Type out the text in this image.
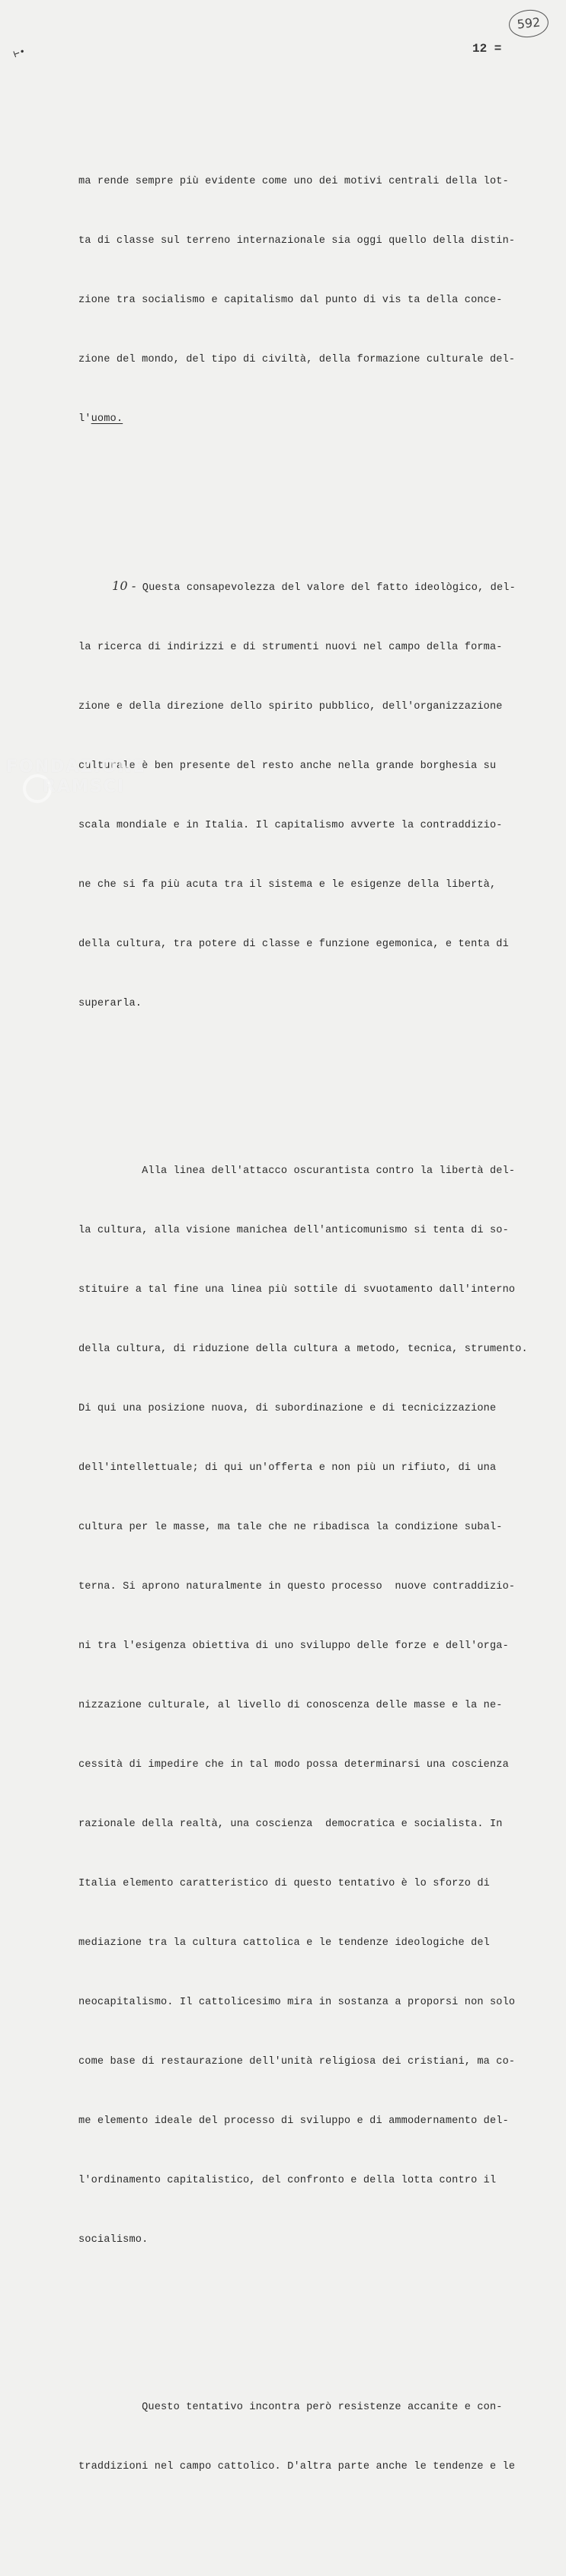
592
12 =
⊢•

ma rende sempre più evidente come uno dei motivi centrali della lot-

ta di classe sul terreno internazionale sia oggi quello della distin-

zione tra socialismo e capitalismo dal punto di vis ta della conce-

zione del mondo, del tipo di civiltà, della formazione culturale del-

l'uomo.

10 - Questa consapevolezza del valore del fatto ideològico, del-

la ricerca di indirizzi e di strumenti nuovi nel campo della forma-

zione e della direzione dello spirito pubblico, dell'organizzazione

culturale è ben presente del resto anche nella grande borghesia su

scala mondiale e in Italia. Il capitalismo avverte la contraddizio-

ne che si fa più acuta tra il sistema e le esigenze della libertà,

della cultura, tra potere di classe e funzione egemonica, e tenta di

superarla.

Alla linea dell'attacco oscurantista contro la libertà del-

la cultura, alla visione manichea dell'anticomunismo si tenta di so-

stituire a tal fine una linea più sottile di svuotamento dall'interno

della cultura, di riduzione della cultura a metodo, tecnica, strumento.

Di qui una posizione nuova, di subordinazione e di tecnicizzazione

dell'intellettuale; di qui un'offerta e non più un rifiuto, di una

cultura per le masse, ma tale che ne ribadisca la condizione subal-

terna. Si aprono naturalmente in questo processo  nuove contraddizio-

ni tra l'esigenza obiettiva di uno sviluppo delle forze e dell'orga-

nizzazione culturale, al livello di conoscenza delle masse e la ne-

cessità di impedire che in tal modo possa determinarsi una coscienza

razionale della realtà, una coscienza  democratica e socialista. In

Italia elemento caratteristico di questo tentativo è lo sforzo di

mediazione tra la cultura cattolica e le tendenze ideologiche del

neocapitalismo. Il cattolicesimo mira in sostanza a proporsi non solo

come base di restaurazione dell'unità religiosa dei cristiani, ma co-

me elemento ideale del processo di sviluppo e di ammodernamento del-

l'ordinamento capitalistico, del confronto e della lotta contro il

socialismo.

Questo tentativo incontra però resistenze accanite e con-

traddizioni nel campo cattolico. D'altra parte anche le tendenze e le

FONDAZIONE
RAMSCI
